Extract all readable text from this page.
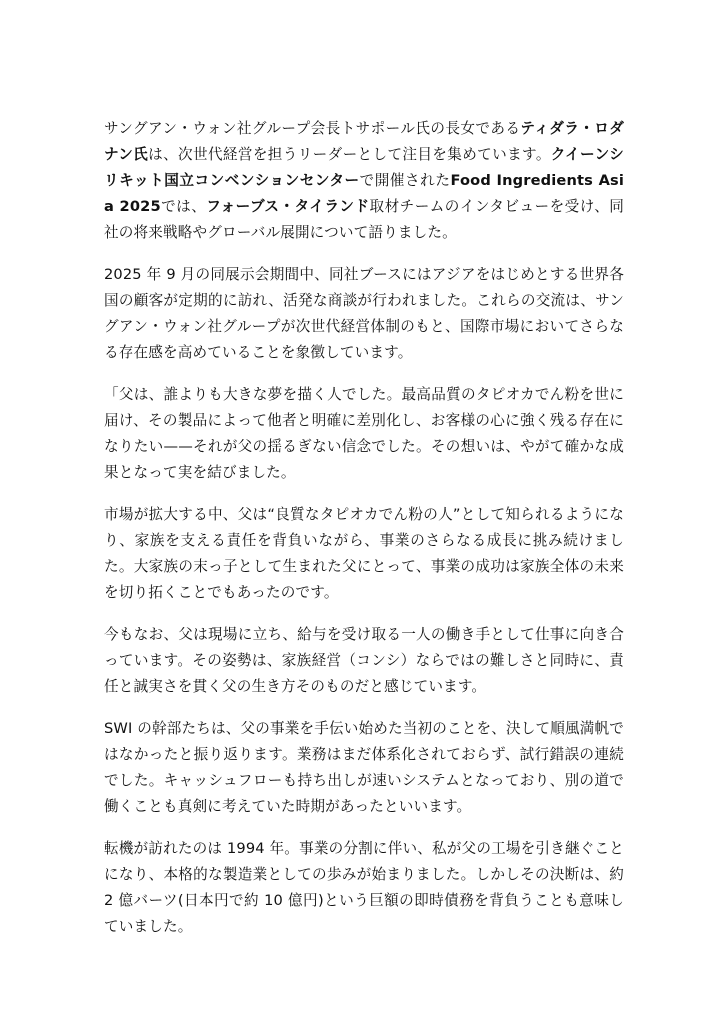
サングアン・ウォン社グループ会長トサポール氏の長女であるティダラ・ロダナン氏は、次世代経営を担うリーダーとして注目を集めています。クイーンシリキット国立コンベンションセンターで開催されたFood Ingredients Asia 2025では、フォーブス・タイランド取材チームのインタビューを受け、同社の将来戦略やグローバル展開について語りました。

2025 年 9 月の同展示会期間中、同社ブースにはアジアをはじめとする世界各国の顧客が定期的に訪れ、活発な商談が行われました。これらの交流は、サングアン・ウォン社グループが次世代経営体制のもと、国際市場においてさらなる存在感を高めていることを象徴しています。

「父は、誰よりも大きな夢を描く人でした。最高品質のタピオカでん粉を世に届け、その製品によって他者と明確に差別化し、お客様の心に強く残る存在になりたい——それが父の揺るぎない信念でした。その想いは、やがて確かな成果となって実を結びました。

市場が拡大する中、父は“良質なタピオカでん粉の人”として知られるようになり、家族を支える責任を背負いながら、事業のさらなる成長に挑み続けました。大家族の末っ子として生まれた父にとって、事業の成功は家族全体の未来を切り拓くことでもあったのです。

今もなお、父は現場に立ち、給与を受け取る一人の働き手として仕事に向き合っています。その姿勢は、家族経営（コンシ）ならではの難しさと同時に、責任と誠実さを貫く父の生き方そのものだと感じています。

SWI の幹部たちは、父の事業を手伝い始めた当初のことを、決して順風満帆ではなかったと振り返ります。業務はまだ体系化されておらず、試行錯誤の連続でした。キャッシュフローも持ち出しが速いシステムとなっており、別の道で働くことも真剣に考えていた時期があったといいます。

転機が訪れたのは 1994 年。事業の分割に伴い、私が父の工場を引き継ぐことになり、本格的な製造業としての歩みが始まりました。しかしその決断は、約 2 億バーツ(日本円で約 10 億円)という巨額の即時債務を背負うことも意味していました。
